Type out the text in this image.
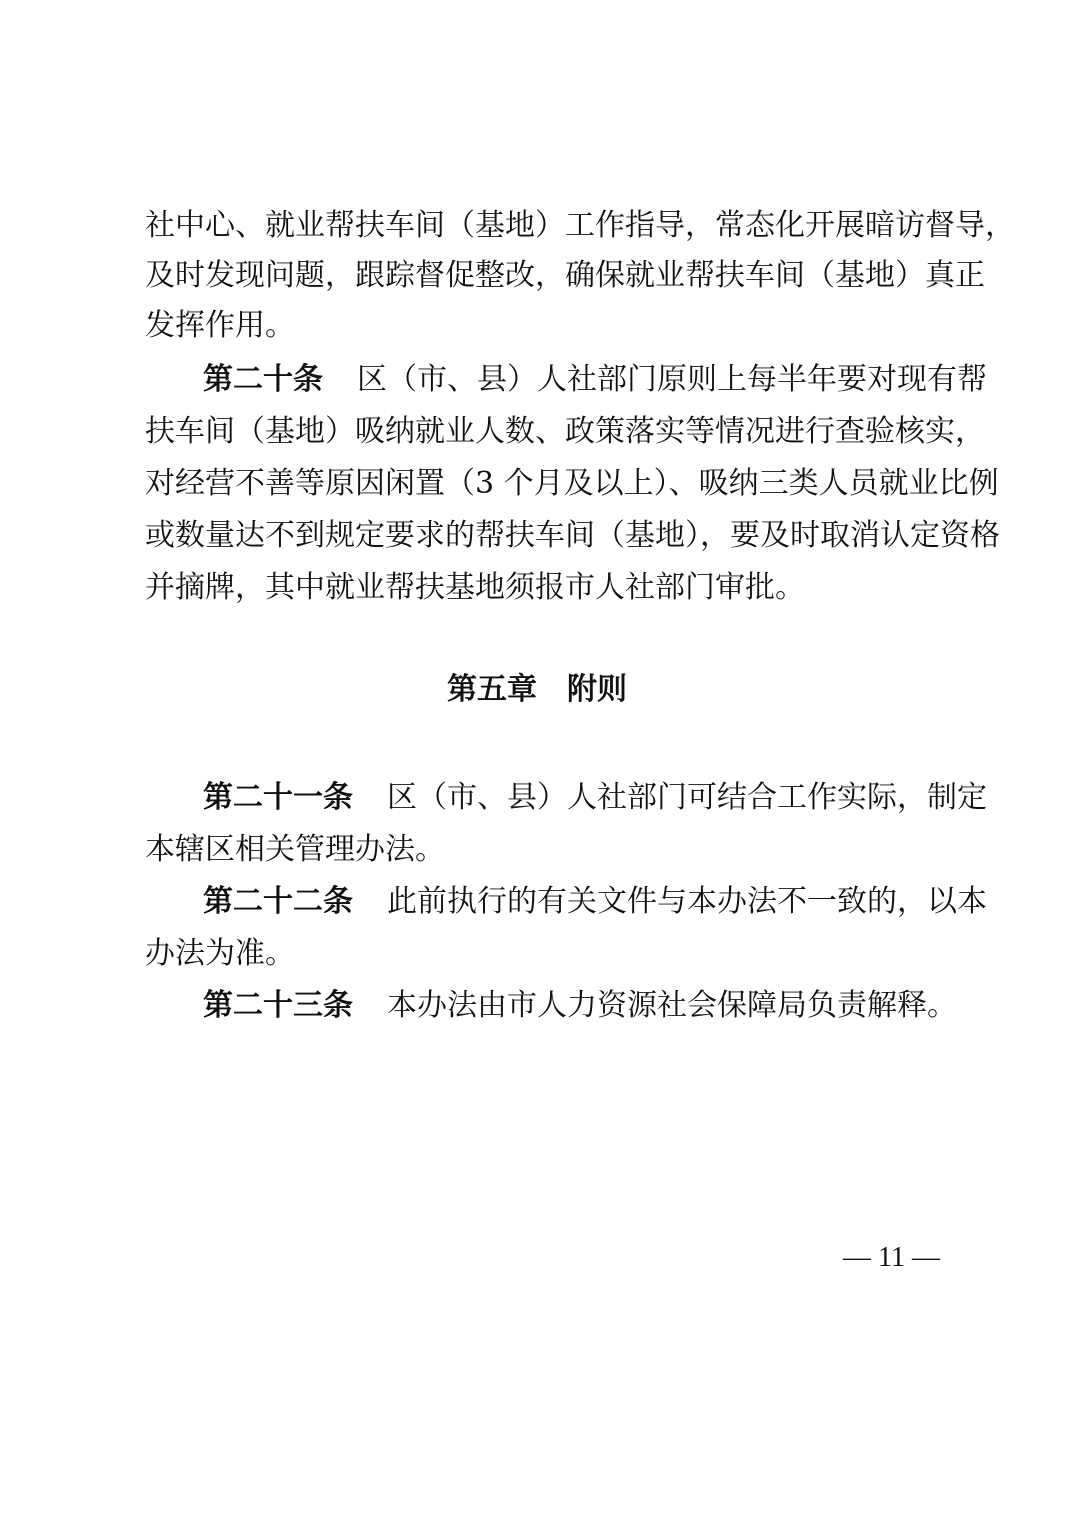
社中心、就业帮扶车间（基地）工作指导，常态化开展暗访督导，
及时发现问题，跟踪督促整改，确保就业帮扶车间（基地）真正
发挥作用。
第二十条 区（市、县）人社部门原则上每半年要对现有帮
扶车间（基地）吸纳就业人数、政策落实等情况进行查验核实，
对经营不善等原因闲置（3 个月及以上）、吸纳三类人员就业比例
或数量达不到规定要求的帮扶车间（基地），要及时取消认定资格
并摘牌，其中就业帮扶基地须报市人社部门审批。
第五章 附则
第二十一条 区（市、县）人社部门可结合工作实际，制定
本辖区相关管理办法。
第二十二条 此前执行的有关文件与本办法不一致的，以本
办法为准。
第二十三条 本办法由市人力资源社会保障局负责解释。
— 11 —
